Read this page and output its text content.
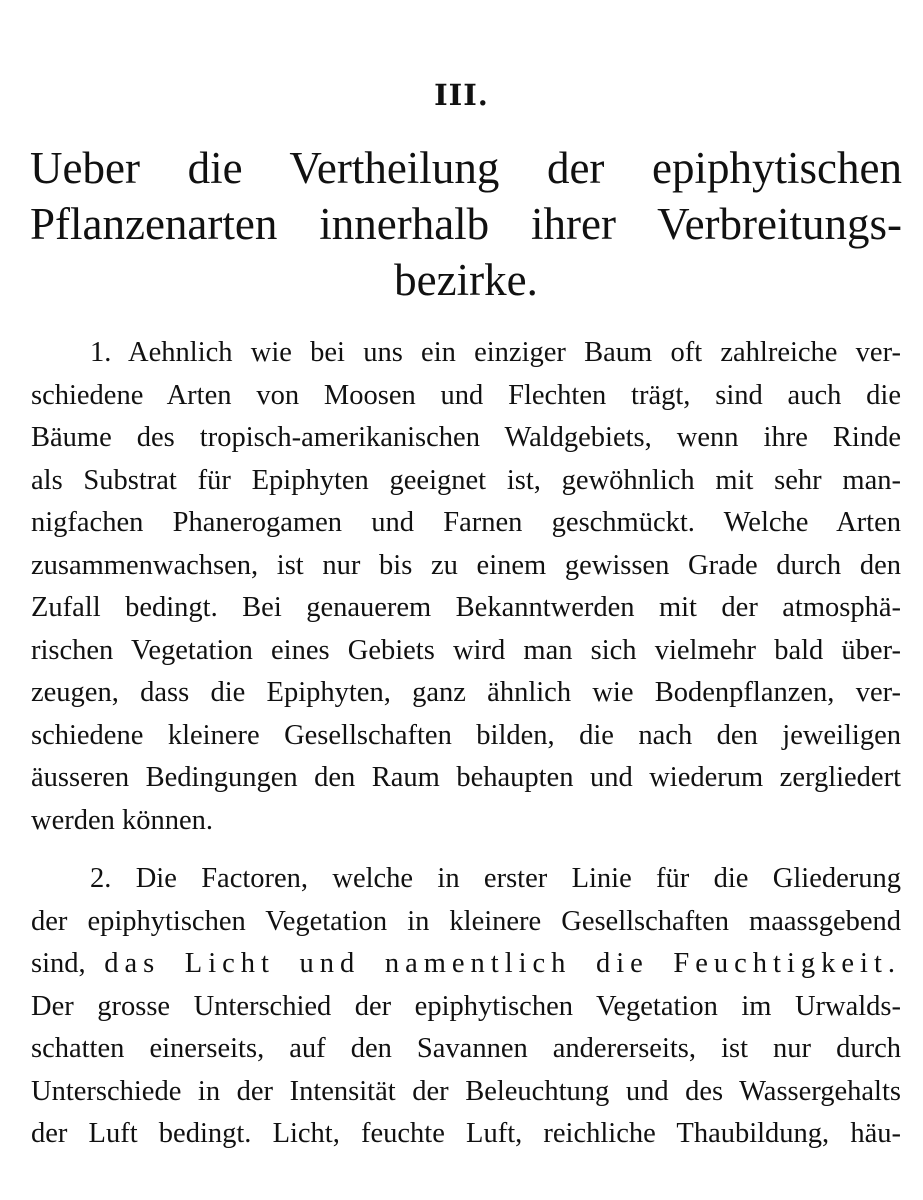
III.
Ueber die Vertheilung der epiphytischen
Pflanzenarten innerhalb ihrer Verbreitungs-
bezirke.
1. Aehnlich wie bei uns ein einziger Baum oft zahlreiche ver-
schiedene Arten von Moosen und Flechten trägt, sind auch die
Bäume des tropisch-amerikanischen Waldgebiets, wenn ihre Rinde
als Substrat für Epiphyten geeignet ist, gewöhnlich mit sehr man-
nigfachen Phanerogamen und Farnen geschmückt. Welche Arten
zusammenwachsen, ist nur bis zu einem gewissen Grade durch den
Zufall bedingt. Bei genauerem Bekanntwerden mit der atmosphä-
rischen Vegetation eines Gebiets wird man sich vielmehr bald über-
zeugen, dass die Epiphyten, ganz ähnlich wie Bodenpflanzen, ver-
schiedene kleinere Gesellschaften bilden, die nach den jeweiligen
äusseren Bedingungen den Raum behaupten und wiederum zergliedert
werden können.
2. Die Factoren, welche in erster Linie für die Gliederung
der epiphytischen Vegetation in kleinere Gesellschaften maassgebend
sind, das Licht und namentlich die Feuchtigkeit.
Der grosse Unterschied der epiphytischen Vegetation im Urwalds-
schatten einerseits, auf den Savannen andererseits, ist nur durch
Unterschiede in der Intensität der Beleuchtung und des Wassergehalts
der Luft bedingt. Licht, feuchte Luft, reichliche Thaubildung, häu-
